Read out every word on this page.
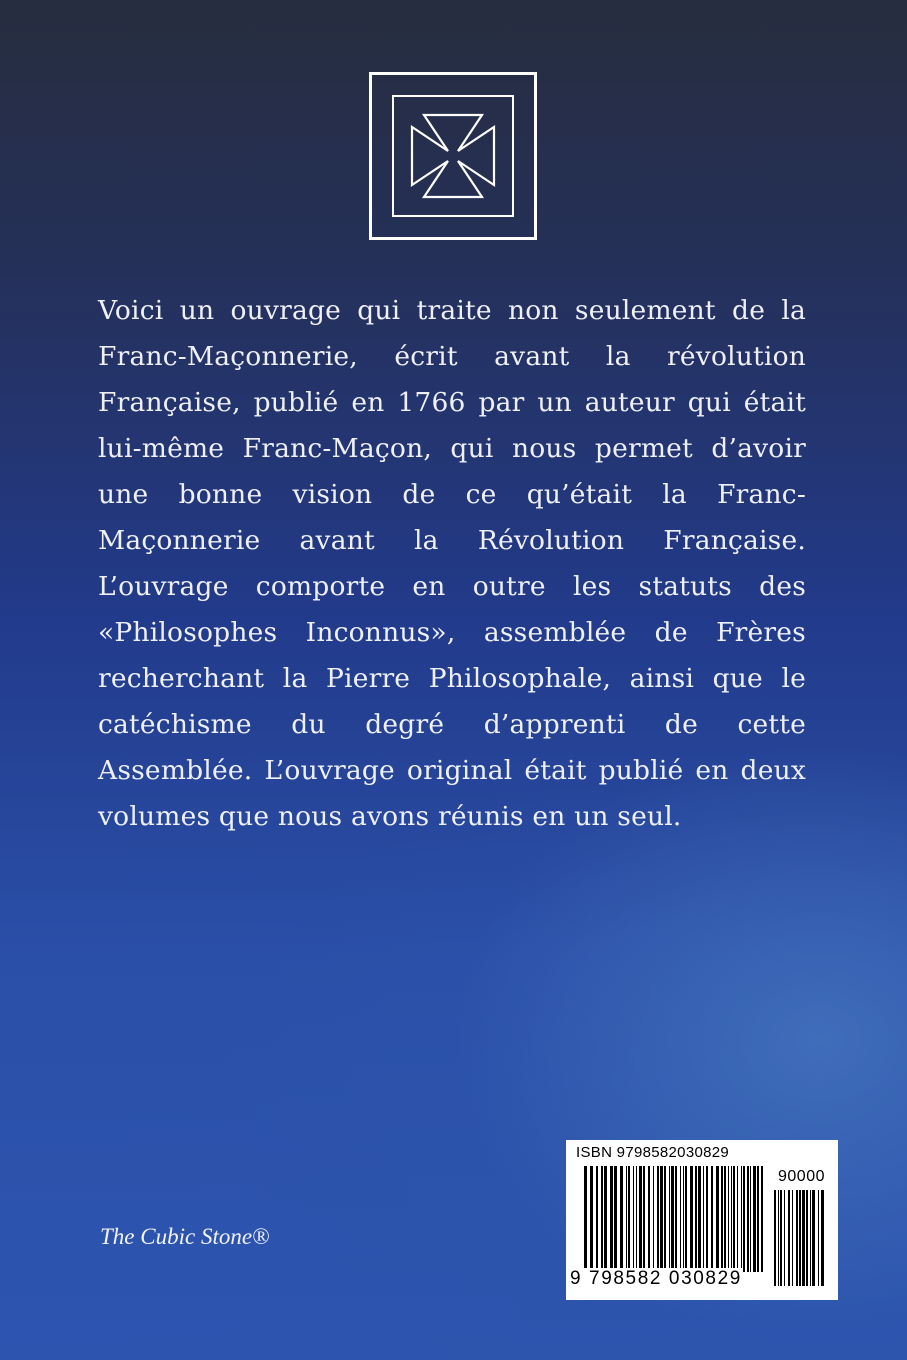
Voici un ouvrage qui traite non seulement de la Franc-Maçonnerie, écrit avant la révolution Française, publié en 1766 par un auteur qui était lui-même Franc-Maçon, qui nous permet d’avoir une bonne vision de ce qu’était la Franc-Maçonnerie avant la Révolution Française. L’ouvrage comporte en outre les statuts des «Philosophes Inconnus», assemblée de Frères recherchant la Pierre Philosophale, ainsi que le catéchisme du degré d’apprenti de cette Assemblée. L’ouvrage original était publié en deux volumes que nous avons réunis en un seul.

The Cubic Stone®
ISBN 9798582030829
90000
9 798582 030829
